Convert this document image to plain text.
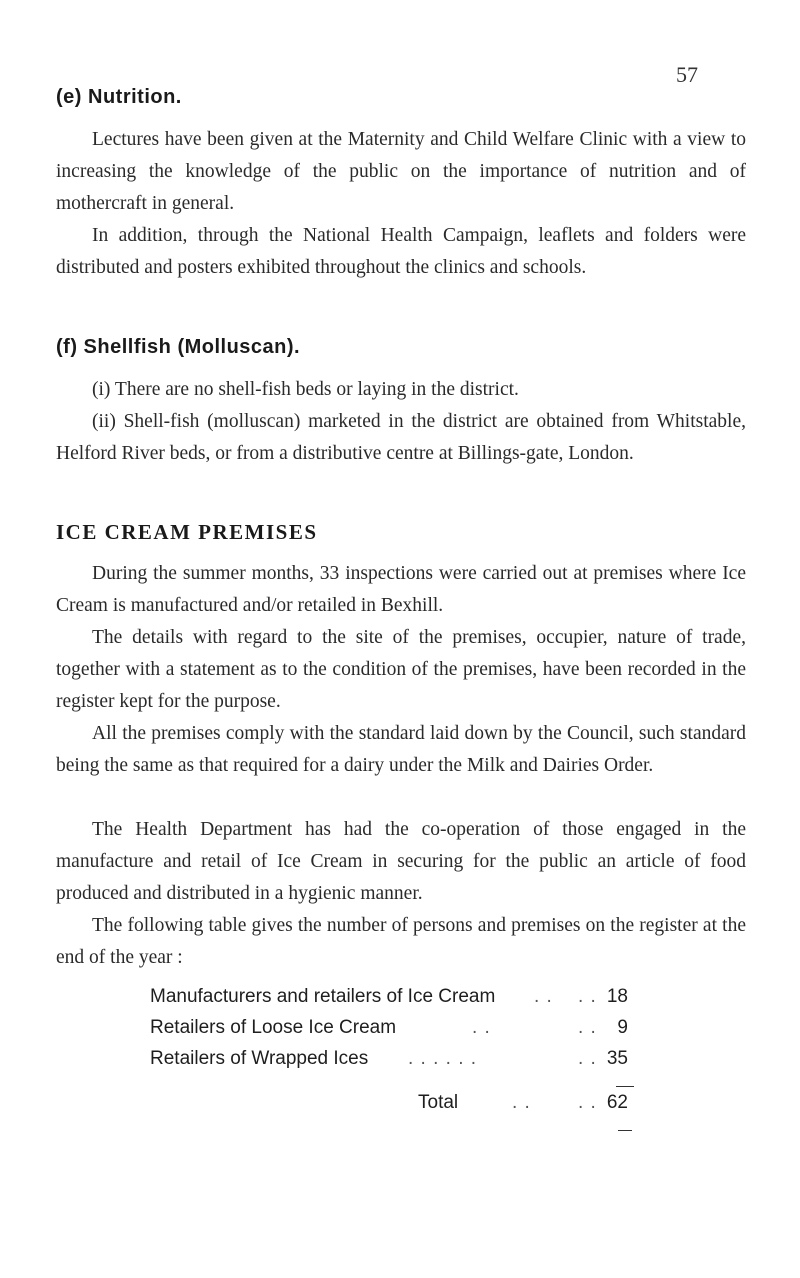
57
(e) Nutrition.
Lectures have been given at the Maternity and Child Welfare Clinic with a view to increasing the knowledge of the public on the importance of nutrition and of mothercraft in general.
In addition, through the National Health Campaign, leaflets and folders were distributed and posters exhibited throughout the clinics and schools.
(f) Shellfish (Molluscan).
(i) There are no shell-fish beds or laying in the district.
(ii) Shell-fish (molluscan) marketed in the district are obtained from Whitstable, Helford River beds, or from a distributive centre at Billings-gate, London.
ICE CREAM PREMISES
During the summer months, 33 inspections were carried out at premises where Ice Cream is manufactured and/or retailed in Bexhill.
The details with regard to the site of the premises, occupier, nature of trade, together with a statement as to the condition of the premises, have been recorded in the register kept for the purpose.
All the premises comply with the standard laid down by the Council, such standard being the same as that required for a dairy under the Milk and Dairies Order.
The Health Department has had the co-operation of those engaged in the manufacture and retail of Ice Cream in securing for the public an article of food produced and distributed in a hygienic manner.
The following table gives the number of persons and premises on the register at the end of the year :
Manufacturers and retailers of Ice Cream . . . . 18
Retailers of Loose Ice Cream	. .	. .	9
Retailers of Wrapped Ices . . . . . .	. . 35
Total	. . . . 62
